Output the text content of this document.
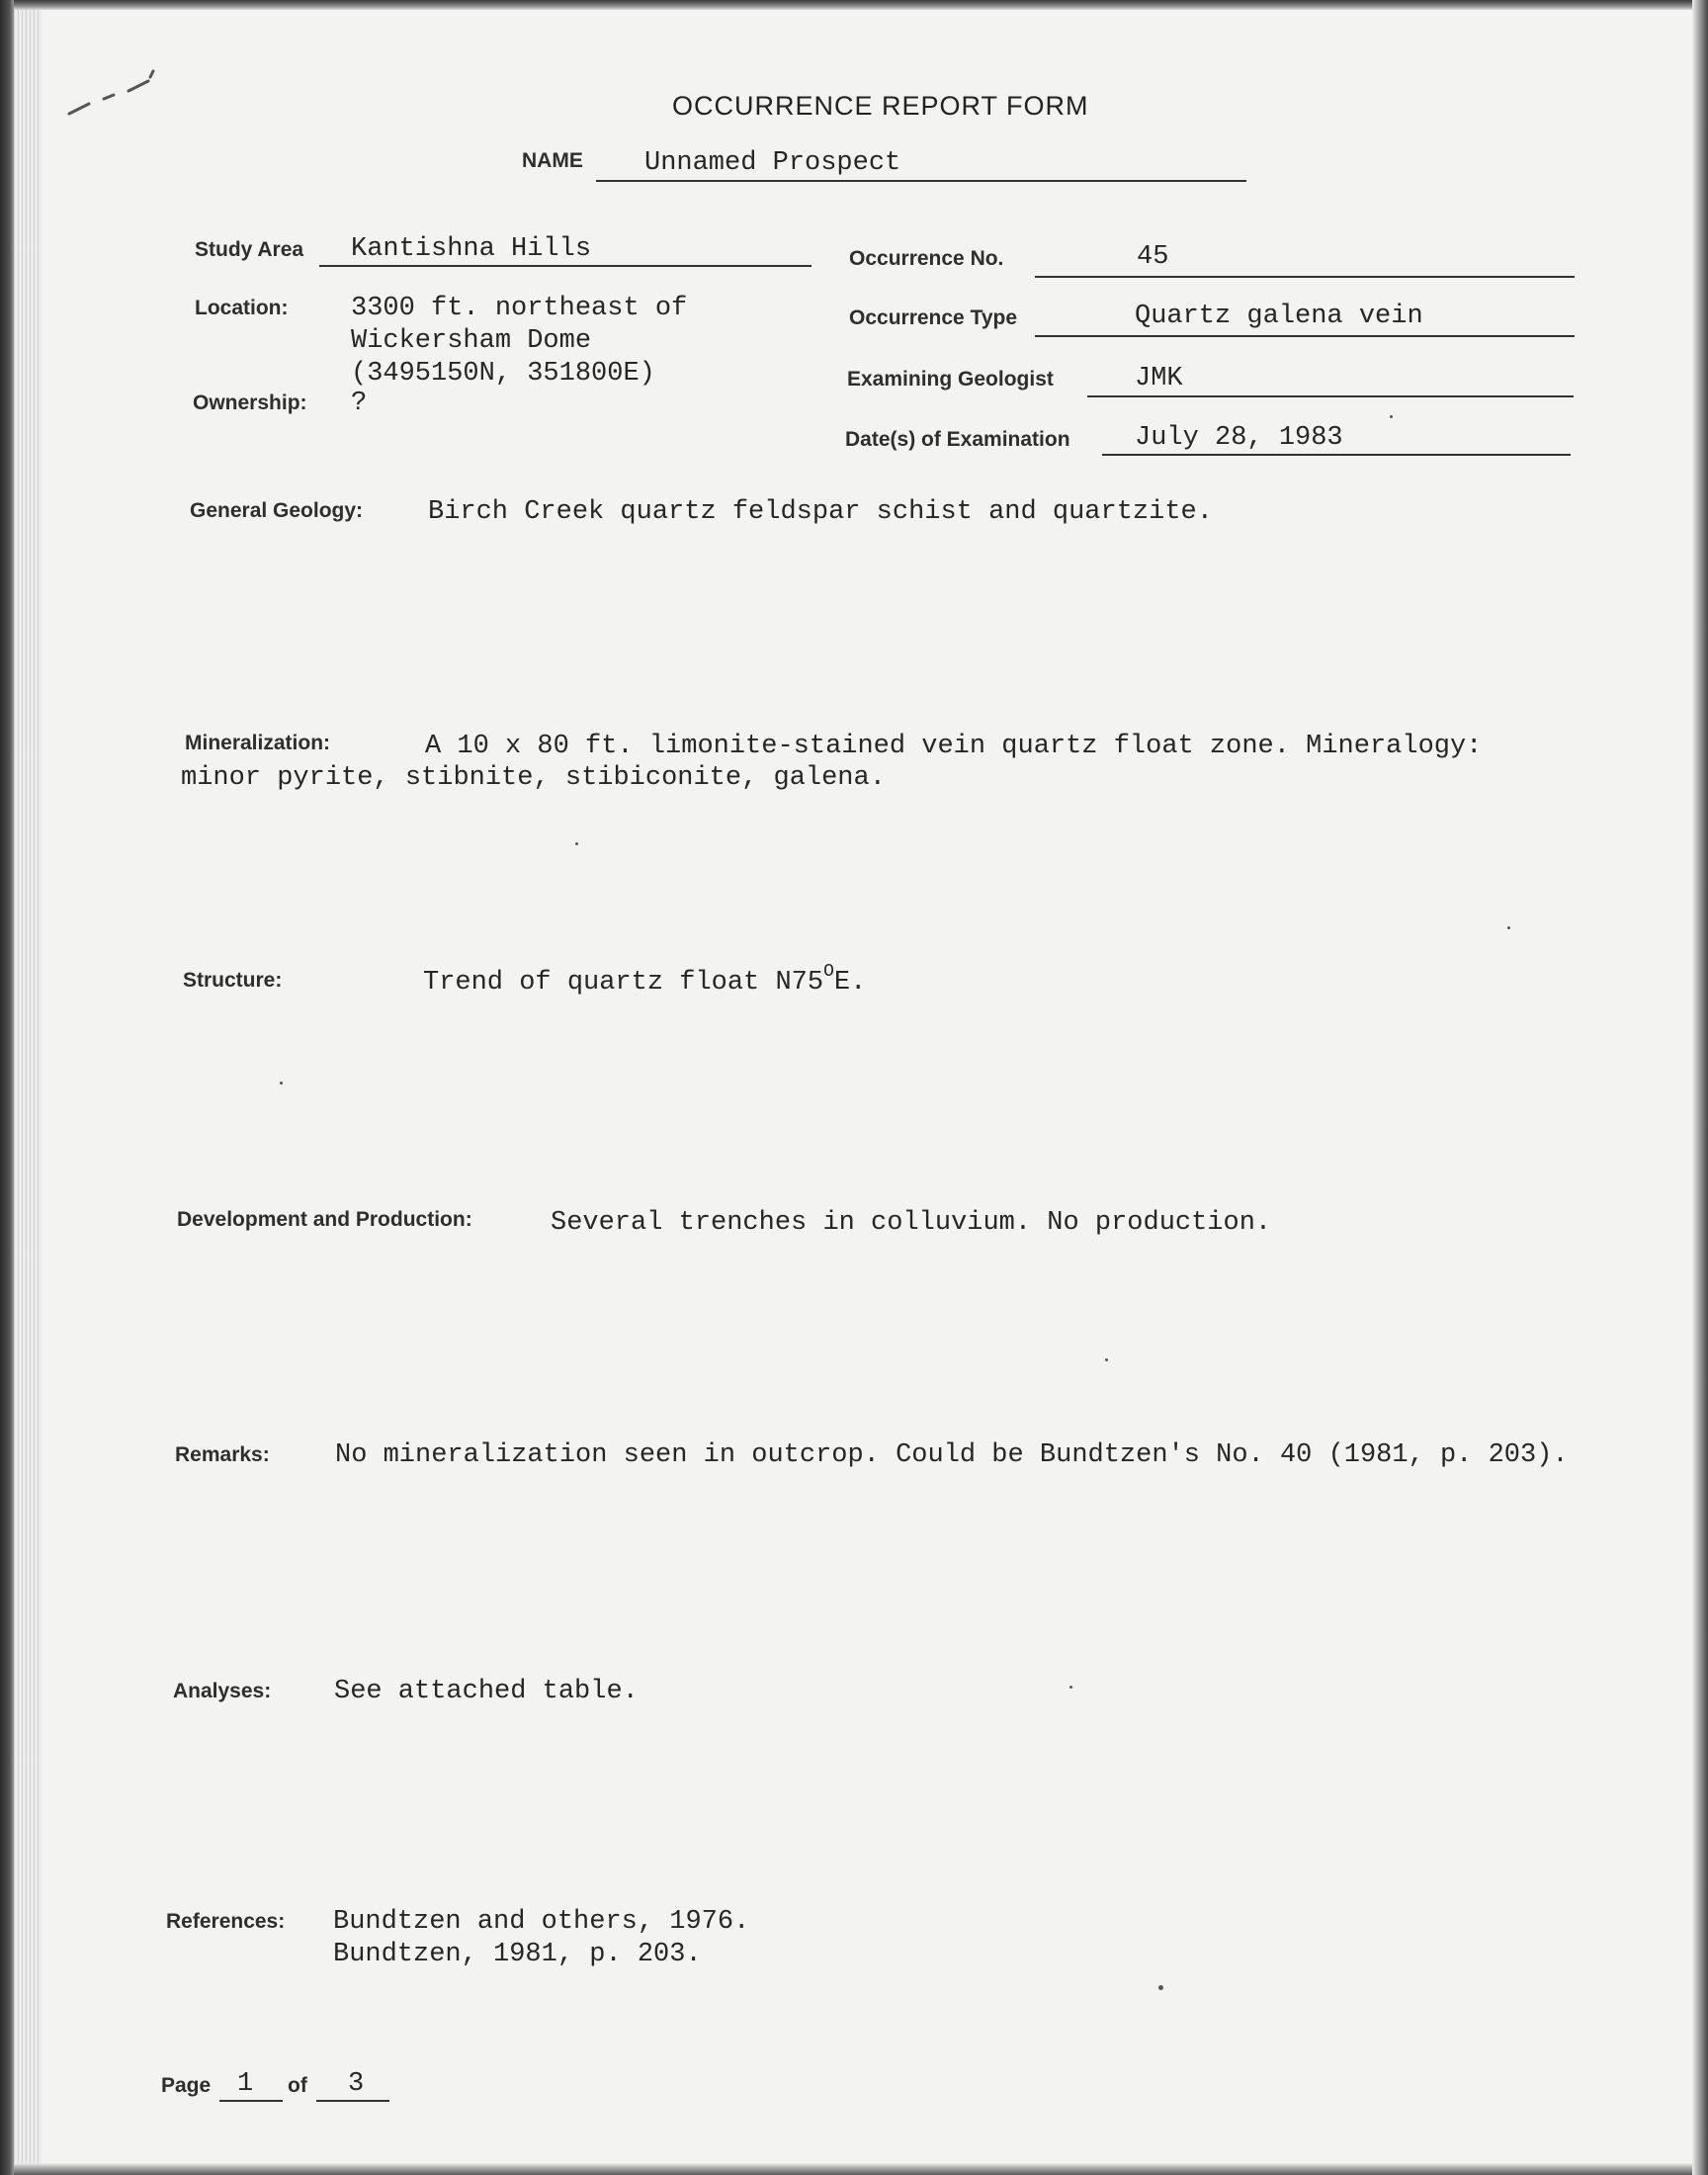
OCCURRENCE REPORT FORM
NAME Unnamed Prospect
Study Area Kantishna Hills
Location: 3300 ft. northeast of
Wickersham Dome
(3495150N, 351800E)
Ownership: ?
Occurrence No.	45
Occurrence Type	Quartz galena vein
Examining Geologist	JMK
Date(s) of Examination July 28, 1983
General Geology: Birch Creek quartz feldspar schist and quartzite.
Mineralization:	A 10 x 80 ft. limonite-stained vein quartz float zone. Mineralogy:
minor pyrite, stibnite, stibiconite, galena.
Structure:	Trend of quartz float $N75^OE$.
Development and Production:	Several trenches in colluvium. No production.
Remarks: No mineralization seen in outcrop. Could be Bundtzen's No. 40 (1981, p. 203).
Analyses: See attached table.
References: Bundtzen and others, 1976.
Bundtzen, 1981, p. 203.
Page 1 of 3
